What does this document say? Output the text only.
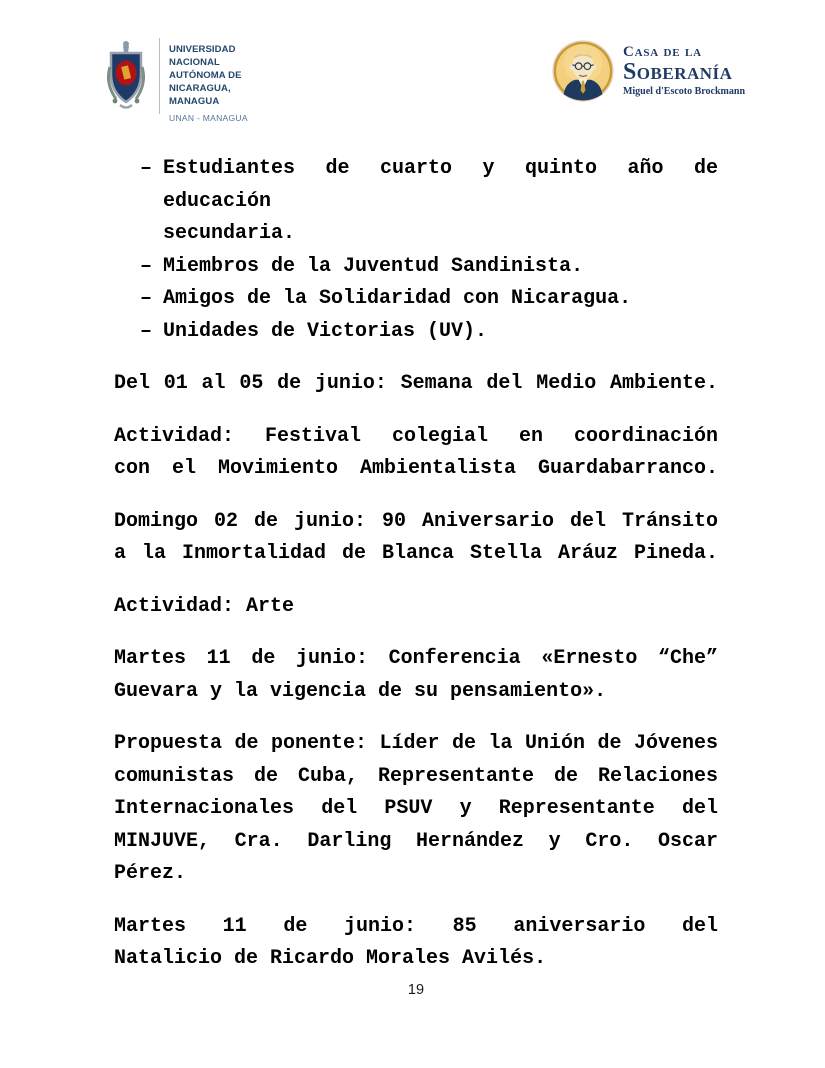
UNIVERSIDAD
NACIONAL
AUTÓNOMA DE
NICARAGUA,
MANAGUA
UNAN - MANAGUA
Casa de la
Soberanía
Miguel d'Escoto Brockmann
– Estudiantes de cuarto y quinto año de educación
secundaria.
– Miembros de la Juventud Sandinista.
– Amigos de la Solidaridad con Nicaragua.
– Unidades de Victorias (UV).
Del 01 al 05 de junio: Semana del Medio Ambiente.
Actividad: Festival colegial en coordinación
con el Movimiento Ambientalista Guardabarranco.
Domingo 02 de junio: 90 Aniversario del Tránsito
a la Inmortalidad de Blanca Stella Aráuz Pineda.
Actividad: Arte
Martes 11 de junio: Conferencia «Ernesto “Che”
Guevara y la vigencia de su pensamiento».
Propuesta de ponente: Líder de la Unión de Jóvenes
comunistas de Cuba, Representante de Relaciones
Internacionales del PSUV y Representante del
MINJUVE, Cra. Darling Hernández y Cro. Oscar
Pérez.
Martes 11 de junio: 85 aniversario del
Natalicio de Ricardo Morales Avilés.
19
